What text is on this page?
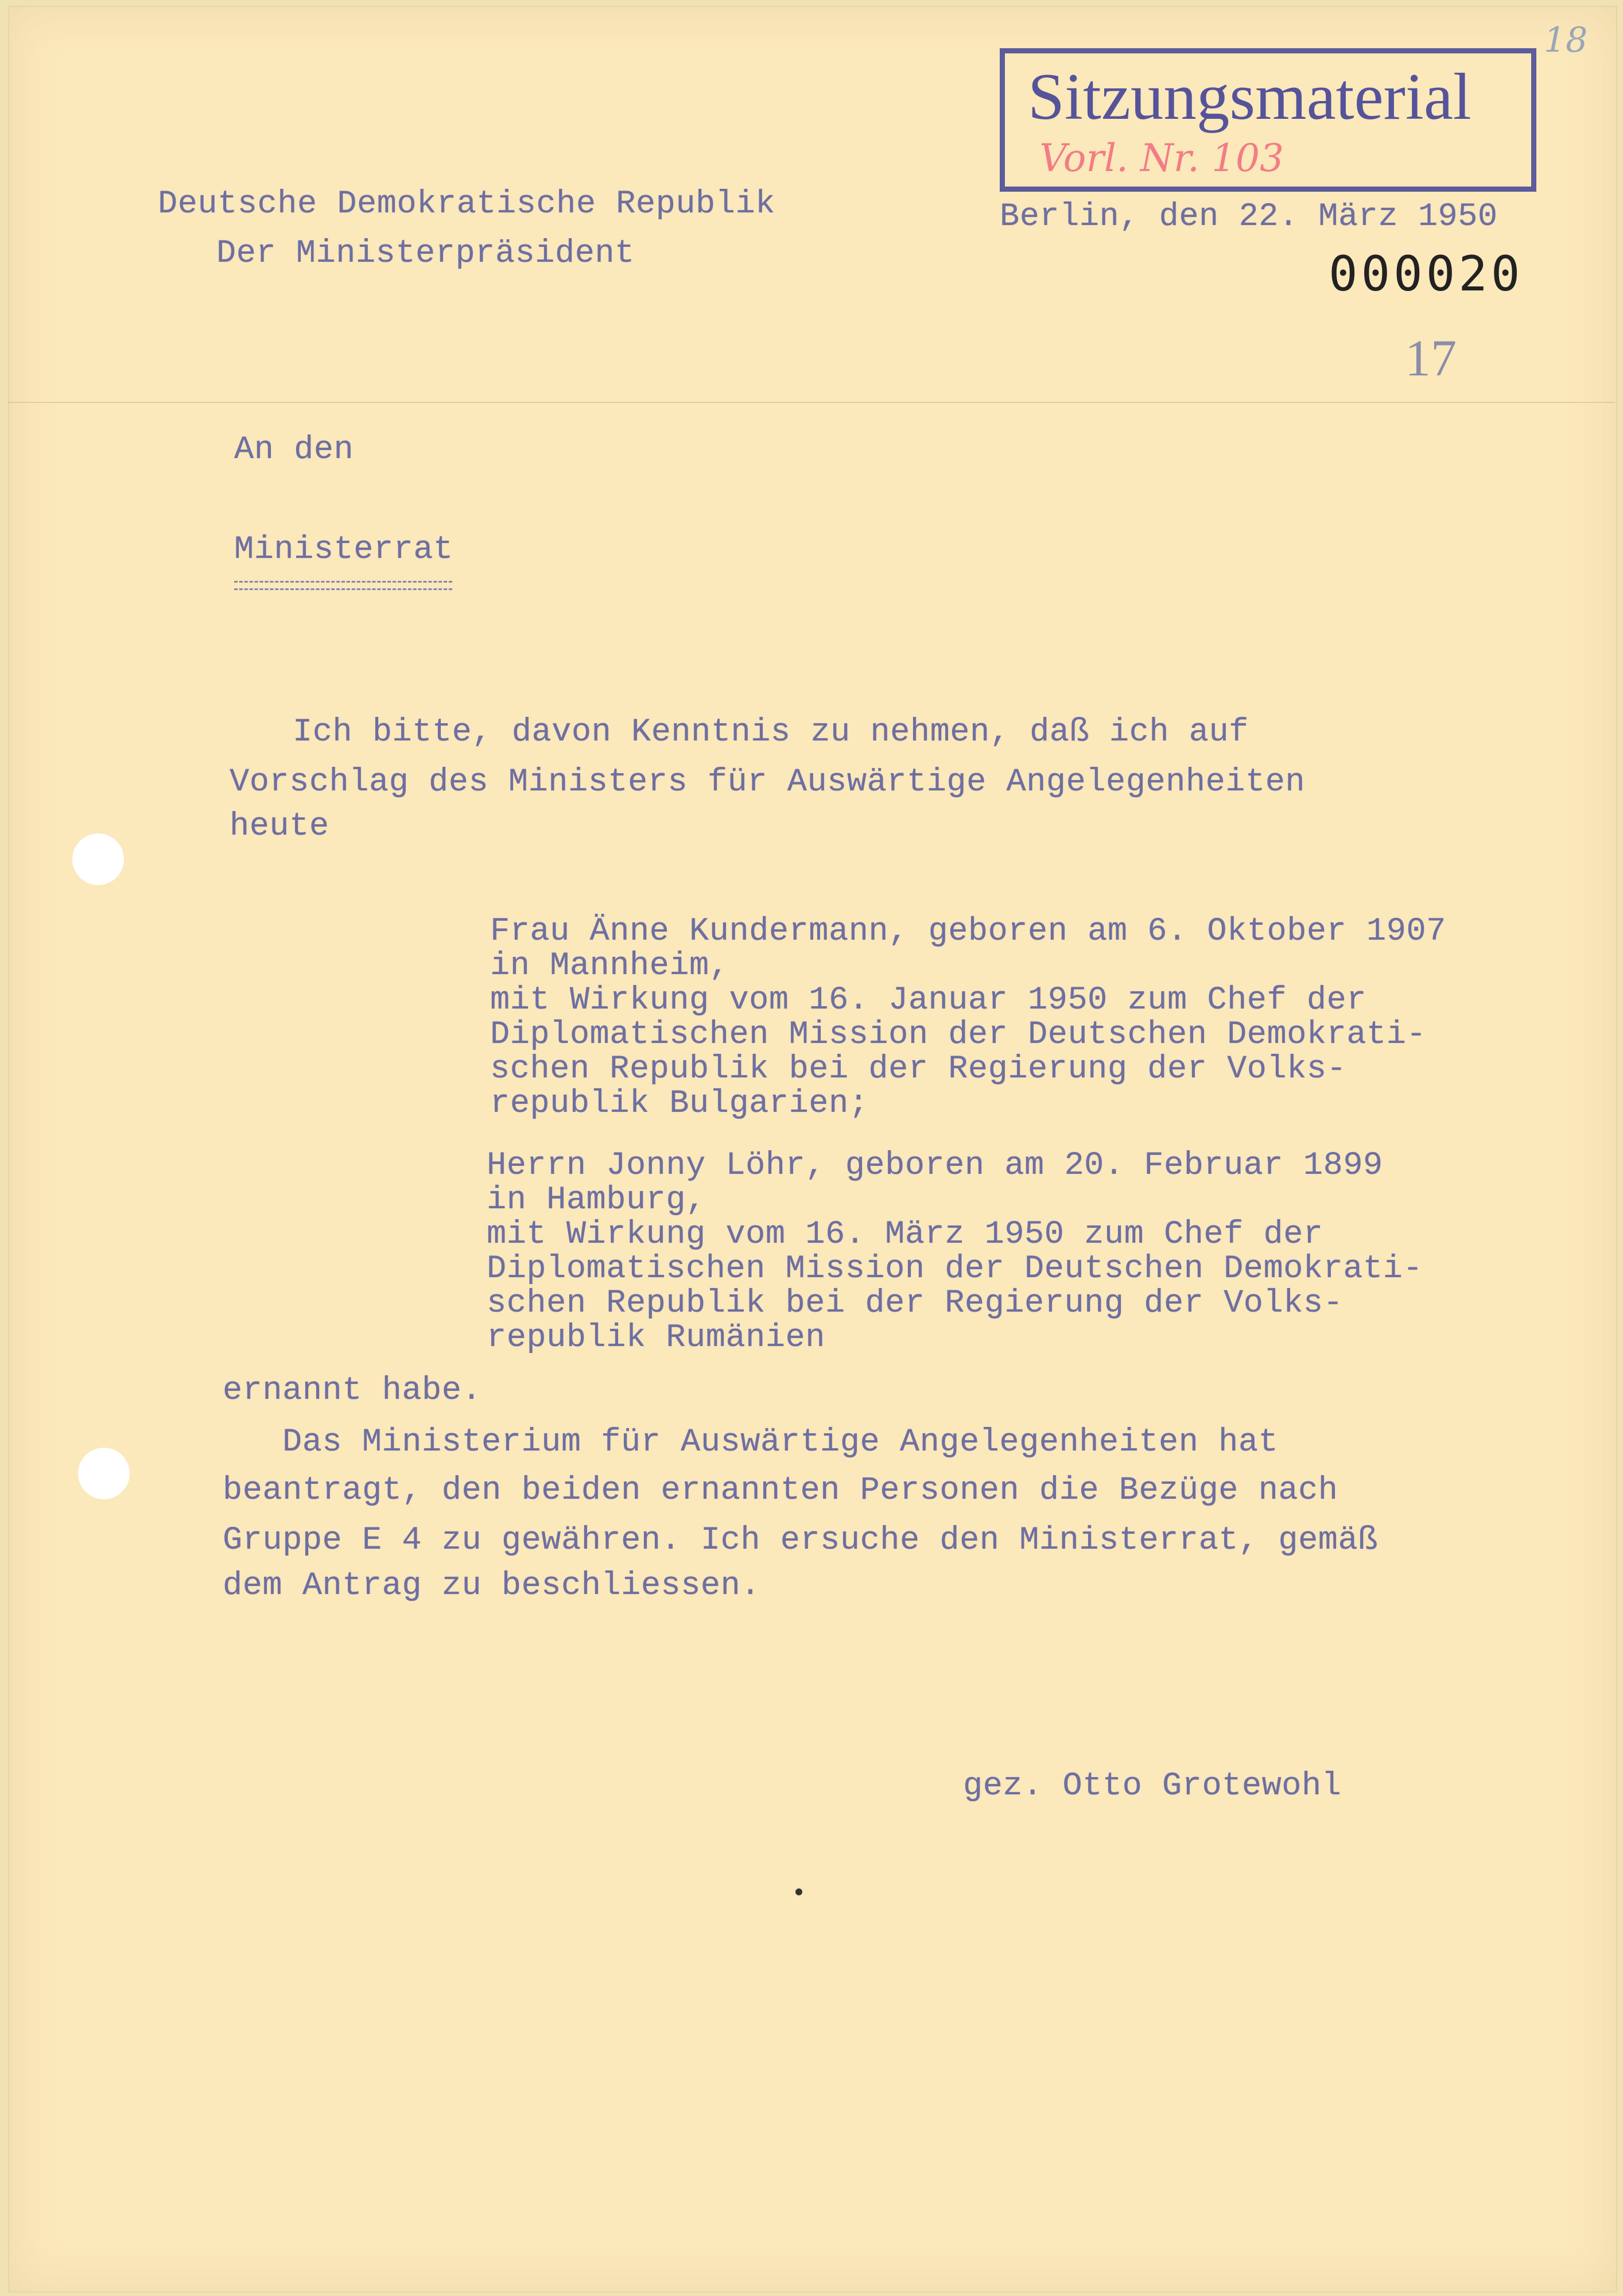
Deutsche Demokratische Republik
Der Ministerpräsident
Sitzungsmaterial
Vorl. Nr. 103
18
Berlin, den 22. März 1950
000020
17
An den
Ministerrat
Ich bitte, davon Kenntnis zu nehmen, daß ich auf
Vorschlag des Ministers für Auswärtige Angelegenheiten
heute
Frau Änne Kundermann, geboren am 6. Oktober 1907
in Mannheim,
mit Wirkung vom 16. Januar 1950 zum Chef der
Diplomatischen Mission der Deutschen Demokrati-
schen Republik bei der Regierung der Volks-
republik Bulgarien;
Herrn Jonny Löhr, geboren am 20. Februar 1899
in Hamburg,
mit Wirkung vom 16. März 1950 zum Chef der
Diplomatischen Mission der Deutschen Demokrati-
schen Republik bei der Regierung der Volks-
republik Rumänien
ernannt habe.
Das Ministerium für Auswärtige Angelegenheiten hat
beantragt, den beiden ernannten Personen die Bezüge nach
Gruppe E 4 zu gewähren. Ich ersuche den Ministerrat, gemäß
dem Antrag zu beschliessen.
gez. Otto Grotewohl
